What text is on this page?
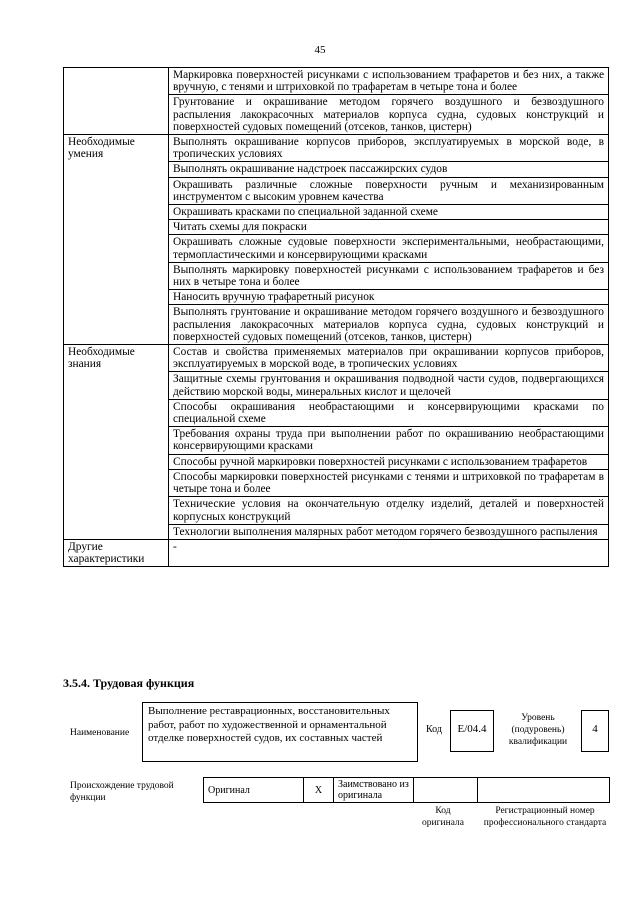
45
	Маркировка поверхностей рисунками с использованием трафаретов и без них, а также вручную, с тенями и штриховкой по трафаретам в четыре тона и более
	Грунтование и окрашивание методом горячего воздушного и безвоздушного распыления лакокрасочных материалов корпуса судна, судовых конструкций и поверхностей судовых помещений (отсеков, танков, цистерн)
Необходимые умения	Выполнять окрашивание корпусов приборов, эксплуатируемых в морской воде, в тропических условиях
	Выполнять окрашивание надстроек пассажирских судов
	Окрашивать различные сложные поверхности ручным и механизированным инструментом с высоким уровнем качества
	Окрашивать красками по специальной заданной схеме
	Читать схемы для покраски
	Окрашивать сложные судовые поверхности экспериментальными, необрастающими, термопластическими и консервирующими красками
	Выполнять маркировку поверхностей рисунками с использованием трафаретов и без них в четыре тона и более
	Наносить вручную трафаретный рисунок
	Выполнять грунтование и окрашивание методом горячего воздушного и безвоздушного распыления лакокрасочных материалов корпуса судна, судовых конструкций и поверхностей судовых помещений (отсеков, танков, цистерн)
Необходимые знания	Состав и свойства применяемых материалов при окрашивании корпусов приборов, эксплуатируемых в морской воде, в тропических условиях
	Защитные схемы грунтования и окрашивания подводной части судов, подвергающихся действию морской воды, минеральных кислот и щелочей
	Способы окрашивания необрастающими и консервирующими красками по специальной схеме
	Требования охраны труда при выполнении работ по окрашиванию необрастающими консервирующими красками
	Способы ручной маркировки поверхностей рисунками с использованием трафаретов
	Способы маркировки поверхностей рисунками с тенями и штриховкой по трафаретам в четыре тона и более
	Технические условия на окончательную отделку изделий, деталей и поверхностей корпусных конструкций
	Технологии выполнения малярных работ методом горячего безвоздушного распыления
Другие характеристики	-
3.5.4. Трудовая функция
Наименование
Выполнение реставрационных, восстановительных работ, работ по художественной и орнаментальной отделке поверхностей судов, их составных частей
Код	E/04.4
Уровень (подуровень) квалификации
4
Происхождение трудовой функции
Оригинал	X	Заимствовано из оригинала		
Код оригинала
Регистрационный номер профессионального стандарта
